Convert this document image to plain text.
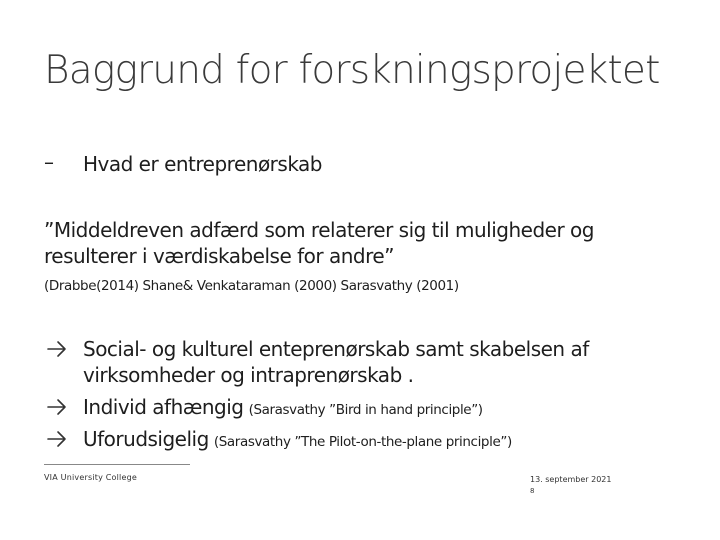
Baggrund for forskningsprojektet
– Hvad er entreprenørskab
”Middeldreven adfærd som relaterer sig til muligheder og
resulterer i værdiskabelse for andre”
(Drabbe(2014) Shane& Venkataraman (2000) Sarasvathy (2001)
Social- og kulturel enteprenørskab samt skabelsen af
virksomheder og intraprenørskab .
Individ afhængig (Sarasvathy ”Bird in hand principle”)
Uforudsigelig (Sarasvathy ”The Pilot-on-the-plane principle”)
VIA University College	13. september 2021
8
